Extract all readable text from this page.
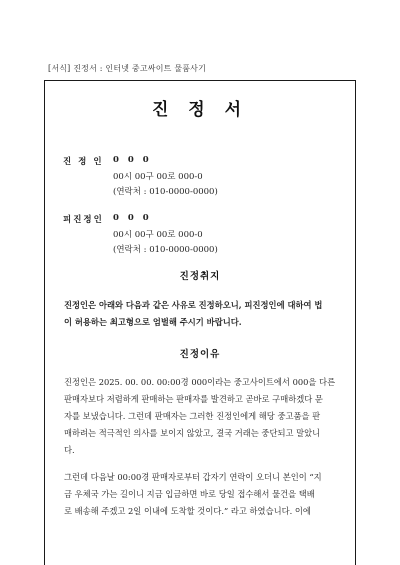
[서식] 진정서 : 인터넷 중고싸이트 물품사기
진 정 서
진 정 인 0 0 0
00시 00구 00로 000-0
(연락처 : 010-0000-0000)
피진정인 0 0 0
00시 00구 00로 000-0
(연락처 : 010-0000-0000)
진정취지
진정인은 아래와 다음과 같은 사유로 진정하오니, 피진정인에 대하여 법
이 허용하는 최고형으로 엄벌해 주시기 바랍니다.
진정이유
진정인은 2025. 00. 00. 00:00경 000이라는 중고사이트에서 000을 다른
판매자보다 저렴하게 판매하는 판매자를 발견하고 곧바로 구매하겠다 문
자를 보냈습니다. 그런데 판매자는 그러한 진정인에게 해당 중고품을 판
매하려는 적극적인 의사를 보이지 않았고, 결국 거래는 중단되고 말았니
다.
그런데 다음날 00:00경 판매자로부터 갑자기 연락이 오더니 본인이 “지
금 우체국 가는 길이니 지금 입금하면 바로 당일 접수해서 물건을 택배
로 배송해 주겠고 2일 이내에 도착할 것이다.” 라고 하였습니다. 이에
